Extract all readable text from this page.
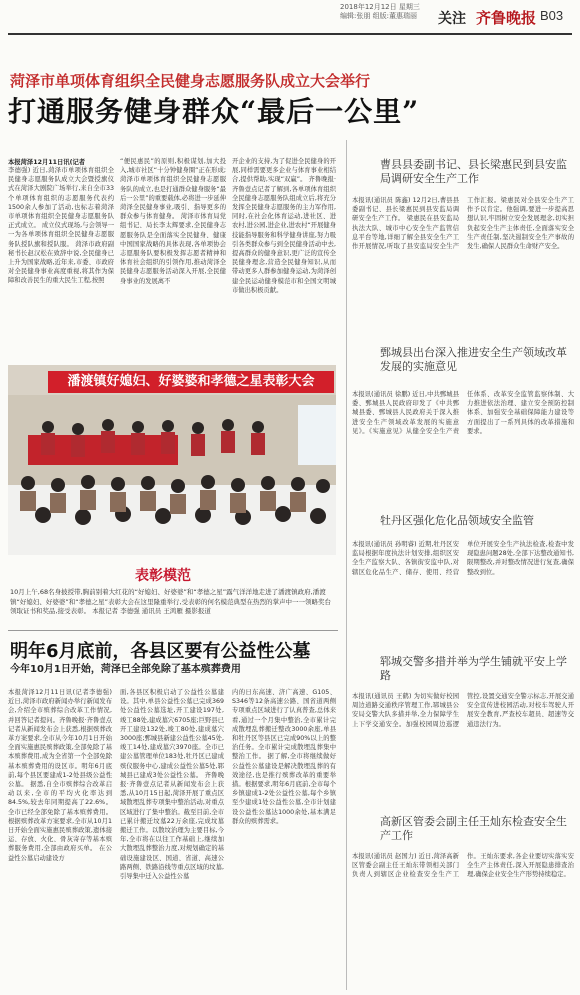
2018年12月12日 星期三
编辑:张朋 组版:董惠瑞丽 关注 齐鲁晚报 B03
菏泽市单项体育组织全民健身志愿服务队成立大会举行
打通服务健身群众“最后一公里”
本报菏泽12月11日讯(记者
李德强) 近日,菏泽市单项体育组织全民健身志愿服务队成立大会暨授旗仪式在菏泽大剧院广场举行,来自全市33个单项体育组织的志愿服务代表约1500余人参加了活动,也标志着菏泽市单项体育组织全民健身志愿服务队正式成立。 成立仪式现场,与会领导一一为各单项体育组织全民健身志愿服务队授队旗和授队服。 菏泽市政府副秘书长赵汉松在致辞中说,全民健身已上升为国家战略,近年来,市委、市政府对全民健身事业高度重视,将其作为保障和改善民生的重大民生工程,按照
“便民惠民”的原则,积极谋划,加大投入,城市社区“十分钟健身圈”正在形成;菏泽市单项体育组织全民健身志愿服务队的成立,也是打通群众健身服务“最后一公里”的重要载体,必将进一步延伸菏泽全民健身事业,吸引、指导更多的群众参与体育健身。 菏泽市体育局党组书记、局长李太辉要求,全民健身志愿服务队是全面落实全民健身、健康中国国家战略的具体表现,各单项协会志愿服务队要积极发挥志愿者精神和体育社会组织的引领作用,推动菏泽全民健身志愿服务活动深入开展,全民健身事业的发展离不
开企业的支持,为了促进全民健身的开展,同样需要更多企业与体育事业相结合,提供帮助,实现“双赢”。 齐鲁晚报·齐鲁壹点记者了解到,各单项体育组织全民健身志愿服务队组成立后,将充分发挥全民健身志愿服务的主力军作用,同时,在社会化体育运动,进社区、进农村,进公园,进企业,进农村“开展健身技能指导服务和科学健身讲座,努力吸引各类群众参与到全民健身活动中去,提高群众的健身意识,更广泛的宣传全民健身理念,营造全民健身知识,从而带动更多人群参加健身运动,为菏泽创建全民运动健身模范市和全国文明城市做出积极贡献。
潘渡镇好媳妇、好婆婆和孝德之星表彰大会
表彰模范
10月上午,68名身披授带,胸前别着大红花的“好媳妇、好婆婆”和“孝德之星”露气洋洋地走进了潘渡镇政府,潘渡镇“好媳妇、好婆婆”和“孝德之星”表彰大会在这里隆重举行,受表彰的何名模范典型在热烈的掌声中一一领略奖台领取证书和奖品,接受表彰。 本报记者 李德强 通讯员 王鸿雁 摄影报道
明年6月底前，各县区要有公益性公墓
今年10月1日开始，菏泽已全部免除了基本殡葬费用
本报菏泽12月11日讯(记者李德强) 近日,菏泽市政府新闻办举行新闻发布会,介绍全市殡葬综合改革工作情况,并回答记者提问。齐鲁晚报·齐鲁壹点记者从新闻发布会上获悉,根据殡葬改革方案要求,全市从今年10月1日开始全面实施惠民殡葬政策,全部免除了基本殡葬费用,成为全省第一个全部免除基本殡葬费用的设区市。明年6月底前,每个县区要建成1-2处县级公益性公墓。 据悉,自全市殡葬综合改革启动以来,全市的平均火化率达到84.5%,较去年同期提高了22.6%。全市已经全部免除了基本殡葬费用。根据殡葬改革方案要求,全市从10月1日开始全面实施惠民殡葬政策,遗体接运、存放、火化、骨灰寄存等基本殡葬服务费用,全部由政府买单。 在公益性公墓启动建设方
面,各县区积极启动了公益性公墓建设。其中,单县公益性公墓已完成369处公益性公墓选址,开工建设197处,竣工88处,建成墓穴6705座;巨野县已开工建设132处,竣工80处,建成墓穴3000座;鄄城县新建公益性公墓45处,竣工14处,建成墓穴3970座。全市已建公墓管理单位183处,牡丹区已建成殡仪服务中心,建成公益性公墓5处,郓城县已建成3处公益性公墓。 齐鲁晚报·齐鲁壹点记者从新闻发布会上获悉,从10月15日起,菏泽开展了重点区域散埋乱葬专项集中整治活动,对重点区域进行了集中整治。截至目前,全市已累计搬迁坟墓22万余座,完成坟墓搬迁工作。以散坟治理为主要目标,今年,全市将在以往工作基础上,继续加大散埋乱葬整治力度,对规划确定的基础设施建设区、国道、省道、高速公路两侧、铁路沿线等重点区域的坟墓,引导集中迁入公益性公墓
内的日东高速、济广高速、G105、S346等12条高速公路、国省道两侧专项重点区域进行了认真普查,总体来看,通过一个月集中整治,全市累计完成散埋乱葬搬迁整改3000余座,单县和牡丹区等县区已完成90%以上的整治任务。全市累计完成散埋乱葬集中整治工作。 据了解,全市将继续做好公益性公墓建设是解决散埋乱葬的有效途径,也是推行殡葬改革的重要举措。根据要求,明年6月底前,全市每个乡镇建成1-2处公益性公墓,每个乡镇至少建成1处公益性公墓,全市计划建设公益性公墓达1000余处,基本满足群众的殡葬需求。
曹县县委副书记、县长梁惠民到县安监局调研安全生产工作
本报讯(通讯员 陈鑫) 12月2日,曹县县委副书记、县长梁惠民到县安监局调研安全生产工作。 梁惠民在县安监局执法大队、城市中心安全生产监管信息平台等地,详细了解全县安全生产工作开展情况,听取了县安监局安全生产工作汇报。梁惠民对全县安全生产工作予以肯定。他强调,要进一步提高思想认识,牢固树立安全发展理念,切实担负起安全生产主体责任,全面落实安全生产责任制,坚决遏制安全生产事故的发生,确保人民群众生命财产安全。
鄄城县出台深入推进安全生产领域改革发展的实施意见
本报讯(通讯员 徐鹏) 近日,中共鄄城县委、鄄城县人民政府印发了《中共鄄城县委、鄄城县人民政府关于深入推进安全生产领域改革发展的实施意见》。《实施意见》从健全安全生产责任体系、改革安全监管监察体制、大力推进依法治理、建立安全预防控制体系、加强安全基础保障能力建设等方面提出了一系列具体的改革措施和要求。
牡丹区强化危化品领域安全监管
本报讯(通讯员 孙明睿) 近期,牡丹区安监局根据年度执法计划安排,组织区安全生产监察大队、各镇街安监中队,对辖区危化品生产、储存、使用、经营单位开展安全生产执法检查,检查中发现隐患问题28处,全部下达整改通知书,限期整改,并对整改情况进行复查,确保整改到位。
郓城交警多措并举为学生铺就平安上学路
本报讯(通讯员 王鹤) 为切实做好校园周边道路交通秩序管理工作,郓城县公安局交警大队多措并举,全力保障学生上下学交通安全。加强校园周边巡逻管控,设置交通安全警示标志,开展交通安全宣传进校园活动,对校车驾驶人开展安全教育,严查校车超员、超速等交通违法行为。
高新区管委会副主任王灿东检查安全生产工作
本报讯(通讯员 赵国力) 近日,菏泽高新区管委会副主任王灿东带领相关部门负责人到辖区企业检查安全生产工作。王灿东要求,各企业要切实落实安全生产主体责任,深入开展隐患排查治理,确保企业安全生产形势持续稳定。
